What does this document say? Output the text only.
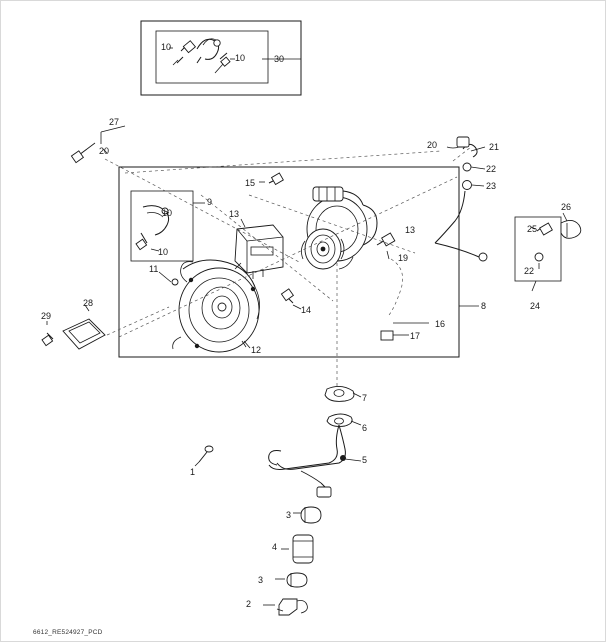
1
2
3
3
4
5
6
7
8
9
10
10
10
10
11
12
13
13
14
15
16
17
19
20
20	21
22
22
23
24
25
26
27
28
29
30
6612_RE524927_PCD
